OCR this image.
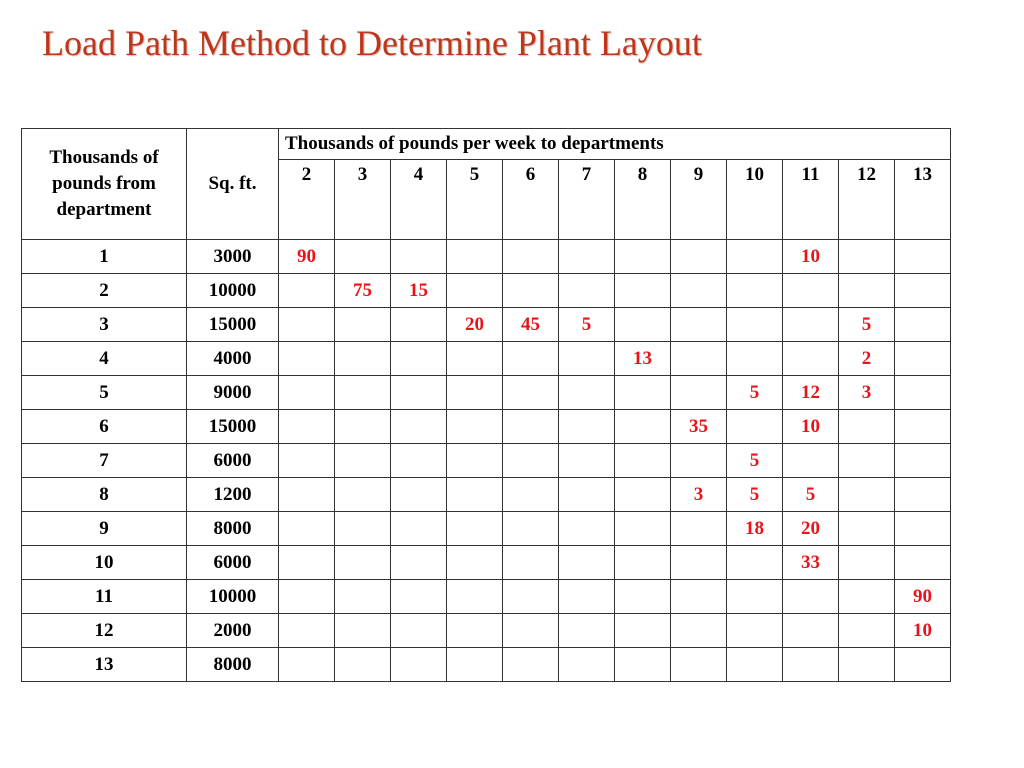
Load Path Method to Determine Plant Layout
Thousands of pounds from department	Sq. ft.	Thousands of pounds per week to departments											
		2	3	4	5	6	7	8	9	10	11	12	13
1	3000	90									10		
2	10000		75	15									
3	15000				20	45	5					5	
4	4000							13				2	
5	9000									5	12	3	
6	15000								35		10		
7	6000									5			
8	1200								3	5	5		
9	8000									18	20		
10	6000										33		
11	10000												90
12	2000												10
13	8000												
